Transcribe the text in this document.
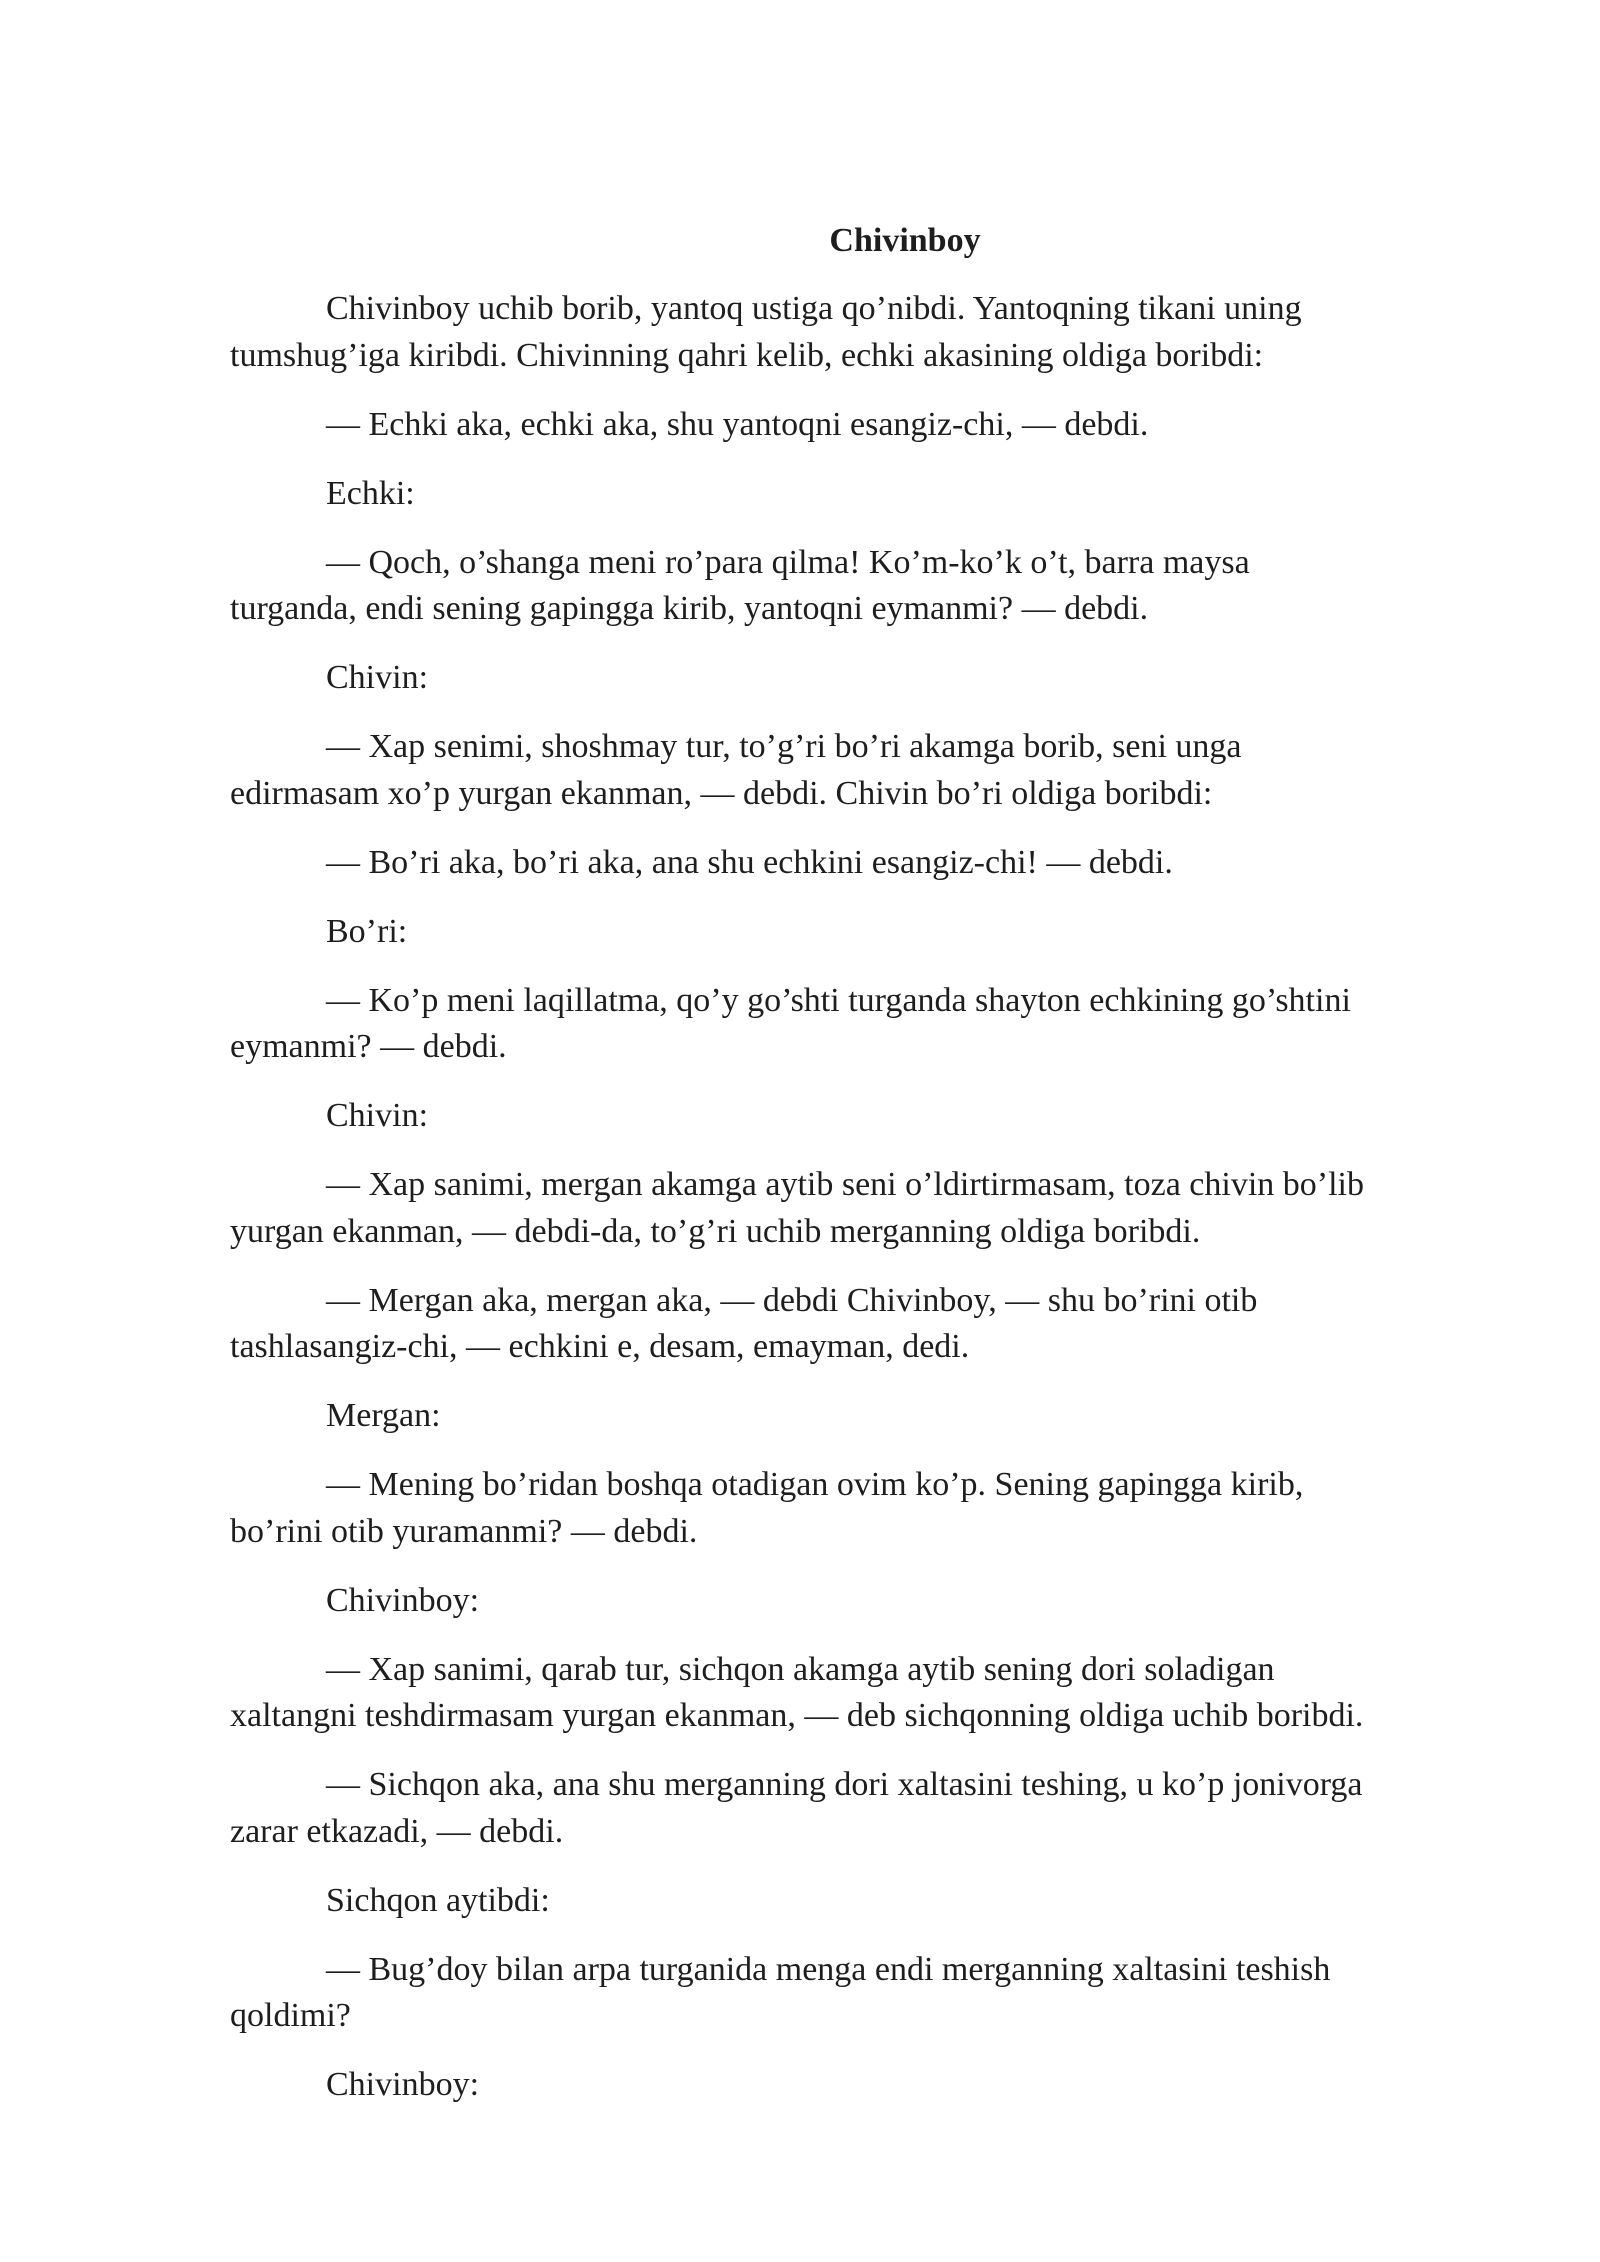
Chivinboy

Chivinboy uchib borib, yantoq ustiga qo’nibdi. Yantoqning tikani uning
tumshug’iga kiribdi. Chivinning qahri kelib, echki akasining oldiga boribdi:

— Echki aka, echki aka, shu yantoqni esangiz-chi, — debdi.

Echki:

— Qoch, o’shanga meni ro’para qilma! Ko’m-ko’k o’t, barra maysa
turganda, endi sening gapingga kirib, yantoqni eymanmi? — debdi.

Chivin:

— Xap senimi, shoshmay tur, to’g’ri bo’ri akamga borib, seni unga
edirmasam xo’p yurgan ekanman, — debdi. Chivin bo’ri oldiga boribdi:

— Bo’ri aka, bo’ri aka, ana shu echkini esangiz-chi! — debdi.

Bo’ri:

— Ko’p meni laqillatma, qo’y go’shti turganda shayton echkining go’shtini
eymanmi? — debdi.

Chivin:

— Xap sanimi, mergan akamga aytib seni o’ldirtirmasam, toza chivin bo’lib
yurgan ekanman, — debdi-da, to’g’ri uchib merganning oldiga boribdi.

— Mergan aka, mergan aka, — debdi Chivinboy, — shu bo’rini otib
tashlasangiz-chi, — echkini e, desam, emayman, dedi.

Mergan:

— Mening bo’ridan boshqa otadigan ovim ko’p. Sening gapingga kirib,
bo’rini otib yuramanmi? — debdi.

Chivinboy:

— Xap sanimi, qarab tur, sichqon akamga aytib sening dori soladigan
xaltangni teshdirmasam yurgan ekanman, — deb sichqonning oldiga uchib boribdi.

— Sichqon aka, ana shu merganning dori xaltasini teshing, u ko’p jonivorga
zarar etkazadi, — debdi.

Sichqon aytibdi:

— Bug’doy bilan arpa turganida menga endi merganning xaltasini teshish
qoldimi?

Chivinboy:
